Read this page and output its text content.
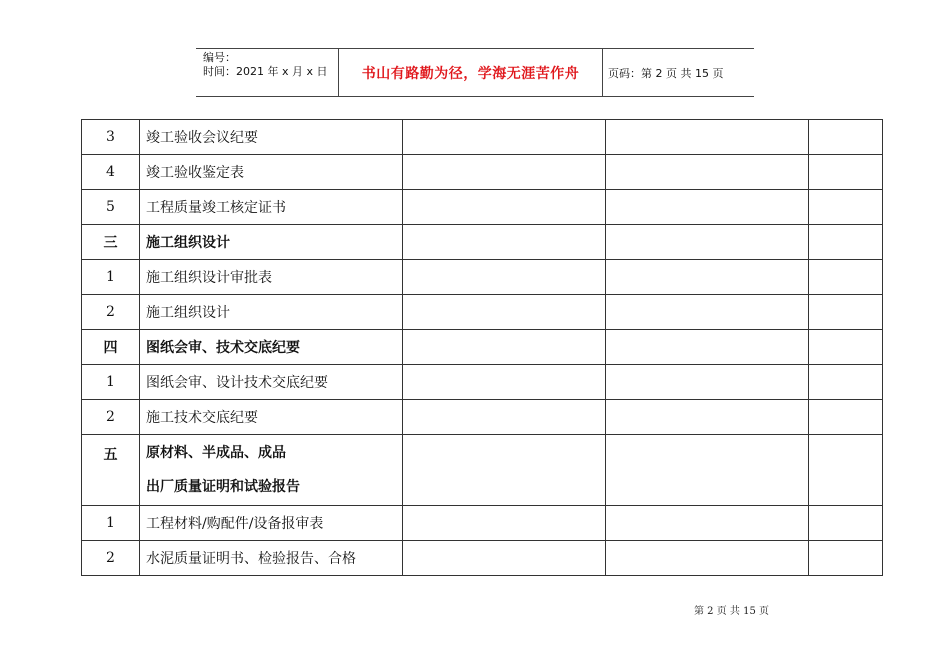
编号：
时间：2021 年 x 月 x 日	书山有路勤为径，学海无涯苦作舟	页码：第 2 页 共 15 页
3	竣工验收会议纪要			
4	竣工验收鉴定表			
5	工程质量竣工核定证书			
三	施工组织设计			
1	施工组织设计审批表			
2	施工组织设计			
四	图纸会审、技术交底纪要			
1	图纸会审、设计技术交底纪要			
2	施工技术交底纪要			
五	原材料、半成品、成品
出厂质量证明和试验报告			

1	工程材料/购配件/设备报审表			
2	水泥质量证明书、检验报告、合格			
第 2 页 共 15 页
